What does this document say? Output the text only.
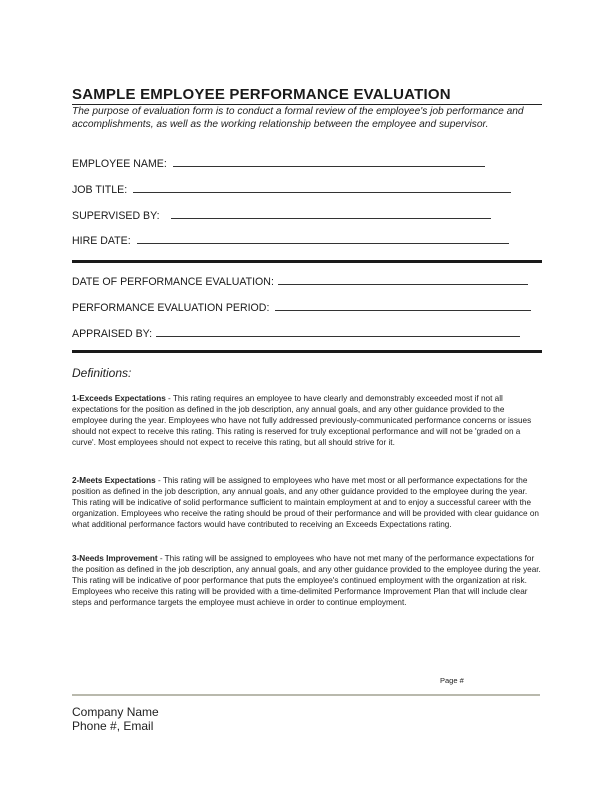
SAMPLE EMPLOYEE PERFORMANCE EVALUATION
The purpose of evaluation form is to conduct a formal review of the employee's job performance and accomplishments, as well as the working relationship between the employee and supervisor.
EMPLOYEE NAME:
JOB TITLE:
SUPERVISED BY:
HIRE DATE:
DATE OF PERFORMANCE EVALUATION:
PERFORMANCE EVALUATION PERIOD:
APPRAISED BY:
Definitions:
1-Exceeds Expectations - This rating requires an employee to have clearly and demonstrably exceeded most if not all expectations for the position as defined in the job description, any annual goals, and any other guidance provided to the employee during the year. Employees who have not fully addressed previously-communicated performance concerns or issues should not expect to receive this rating. This rating is reserved for truly exceptional performance and will not be 'graded on a curve'. Most employees should not expect to receive this rating, but all should strive for it.
2-Meets Expectations - This rating will be assigned to employees who have met most or all performance expectations for the position as defined in the job description, any annual goals, and any other guidance provided to the employee during the year. This rating will be indicative of solid performance sufficient to maintain employment at and to enjoy a successful career with the organization. Employees who receive the rating should be proud of their performance and will be provided with clear guidance on what additional performance factors would have contributed to receiving an Exceeds Expectations rating.
3-Needs Improvement - This rating will be assigned to employees who have not met many of the performance expectations for the position as defined in the job description, any annual goals, and any other guidance provided to the employee during the year. This rating will be indicative of poor performance that puts the employee's continued employment with the organization at risk. Employees who receive this rating will be provided with a time-delimited Performance Improvement Plan that will include clear steps and performance targets the employee must achieve in order to continue employment.
Page #
Company Name
Phone #, Email
